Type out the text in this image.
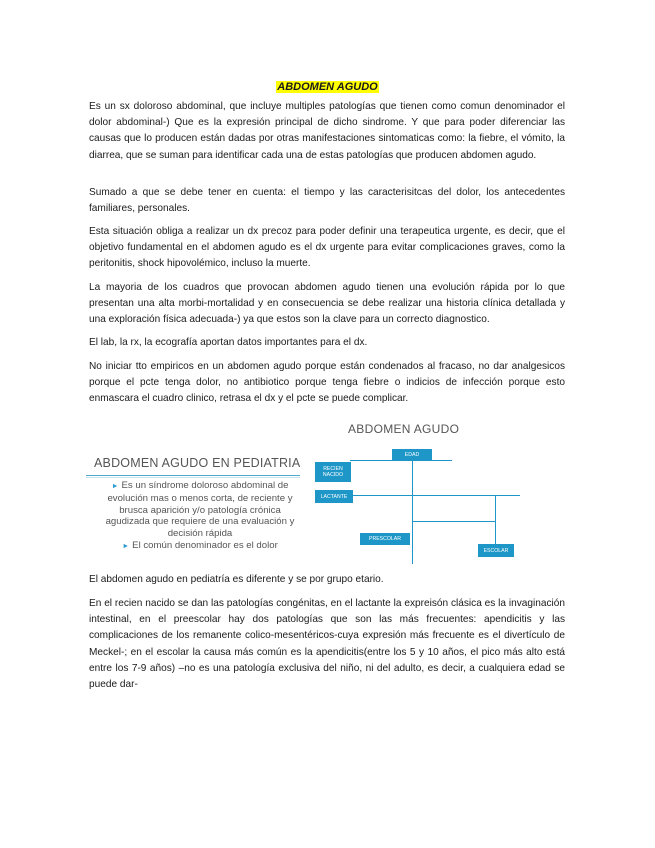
ABDOMEN AGUDO

Es un sx doloroso abdominal, que incluye multiples patologías que tienen como comun denominador el dolor abdominal-) Que es la expresión principal de dicho sindrome. Y que para poder diferenciar las causas que lo producen están dadas por otras manifestaciones sintomaticas como: la fiebre, el vómito, la diarrea, que se suman para identificar cada una de estas patologías que producen abdomen agudo.

Sumado a que se debe tener en cuenta: el tiempo y las caracterisitcas del dolor, los antecedentes familiares, personales.

Esta situación obliga a realizar un dx precoz para poder definir una terapeutica urgente, es decir, que el objetivo fundamental en el abdomen agudo es el dx urgente para evitar complicaciones graves, como la peritonitis, shock hipovolémico, incluso la muerte.

La mayoria de los cuadros que provocan abdomen agudo tienen una evolución rápida por lo que presentan una alta morbi-mortalidad y en consecuencia se debe realizar una historia clínica detallada y una exploración física adecuada-) ya que estos son la clave para un correcto diagnostico.

El lab, la rx, la ecografía aportan datos importantes para el dx.

No iniciar tto empiricos en un abdomen agudo porque están condenados al fracaso, no dar analgesicos porque el pcte tenga dolor, no antibiotico porque tenga fiebre o indicios de infección porque esto enmascara el cuadro clinico, retrasa el dx y el pcte se puede complicar.

ABDOMEN AGUDO EN PEDIATRIA
► Es un síndrome doloroso abdominal de evolución mas o menos corta, de reciente y brusca aparición y/o patología crónica agudizada que requiere de una evaluación y decisión rápida
► El común denominador es el dolor
ABDOMEN AGUDO
EDAD
RECIEN NACIDO
LACTANTE
PRESCOLAR
ESCOLAR

El abdomen agudo en pediatría es diferente y se por grupo etario.

En el recien nacido se dan las patologías congénitas, en el lactante la expreisón clásica es la invaginación intestinal, en el preescolar hay dos patologías que son las más frecuentes: apendicitis y las complicaciones de los remanente colico-mesentéricos-cuya expresión más frecuente es el divertículo de Meckel-; en el escolar la causa más común es la apendicitis(entre los 5 y 10 años, el pico más alto está entre los 7-9 años) –no es una patología exclusiva del niño, ni del adulto, es decir, a cualquiera edad se puede dar-
